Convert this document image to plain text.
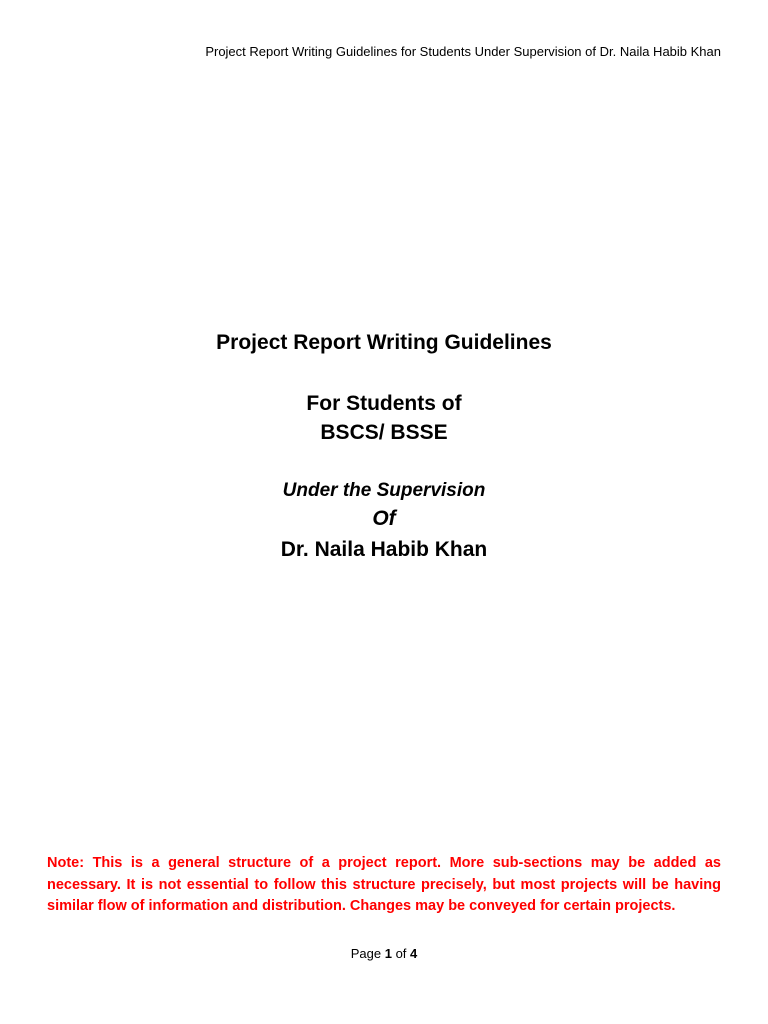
Project Report Writing Guidelines for Students Under Supervision of Dr. Naila Habib Khan
Project Report Writing Guidelines
For Students of
BSCS/ BSSE
Under the Supervision
Of
Dr. Naila Habib Khan
Note: This is a general structure of a project report. More sub-sections may be added as necessary. It is not essential to follow this structure precisely, but most projects will be having similar flow of information and distribution. Changes may be conveyed for certain projects.
Page 1 of 4
